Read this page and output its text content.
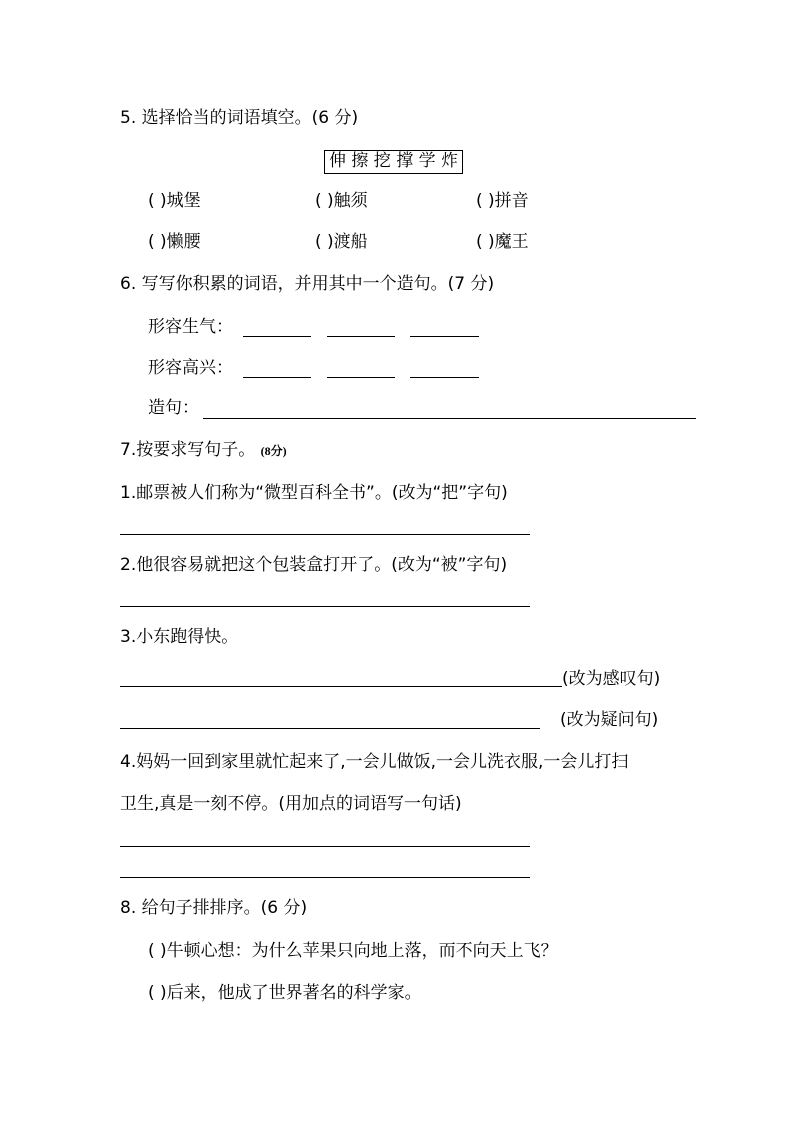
5. 选择恰当的词语填空。(6 分)
伸 擦 挖 撑 学 炸
( )城堡	( )触须	( )拼音
( )懒腰	( )渡船	( )魔王
6. 写写你积累的词语，并用其中一个造句。(7 分)
形容生气：
形容高兴：
造句：
7.按要求写句子。 (8分)
1.邮票被人们称为“微型百科全书”。(改为“把”字句)
2.他很容易就把这个包装盒打开了。(改为“被”字句)
3.小东跑得快。
(改为感叹句)
(改为疑问句)
4.妈妈一回到家里就忙起来了,一会儿做饭,一会儿洗衣服,一会儿打扫
卫生,真是一刻不停。(用加点的词语写一句话)
8. 给句子排排序。(6 分)
( )牛顿心想：为什么苹果只向地上落，而不向天上飞？
( )后来，他成了世界著名的科学家。
